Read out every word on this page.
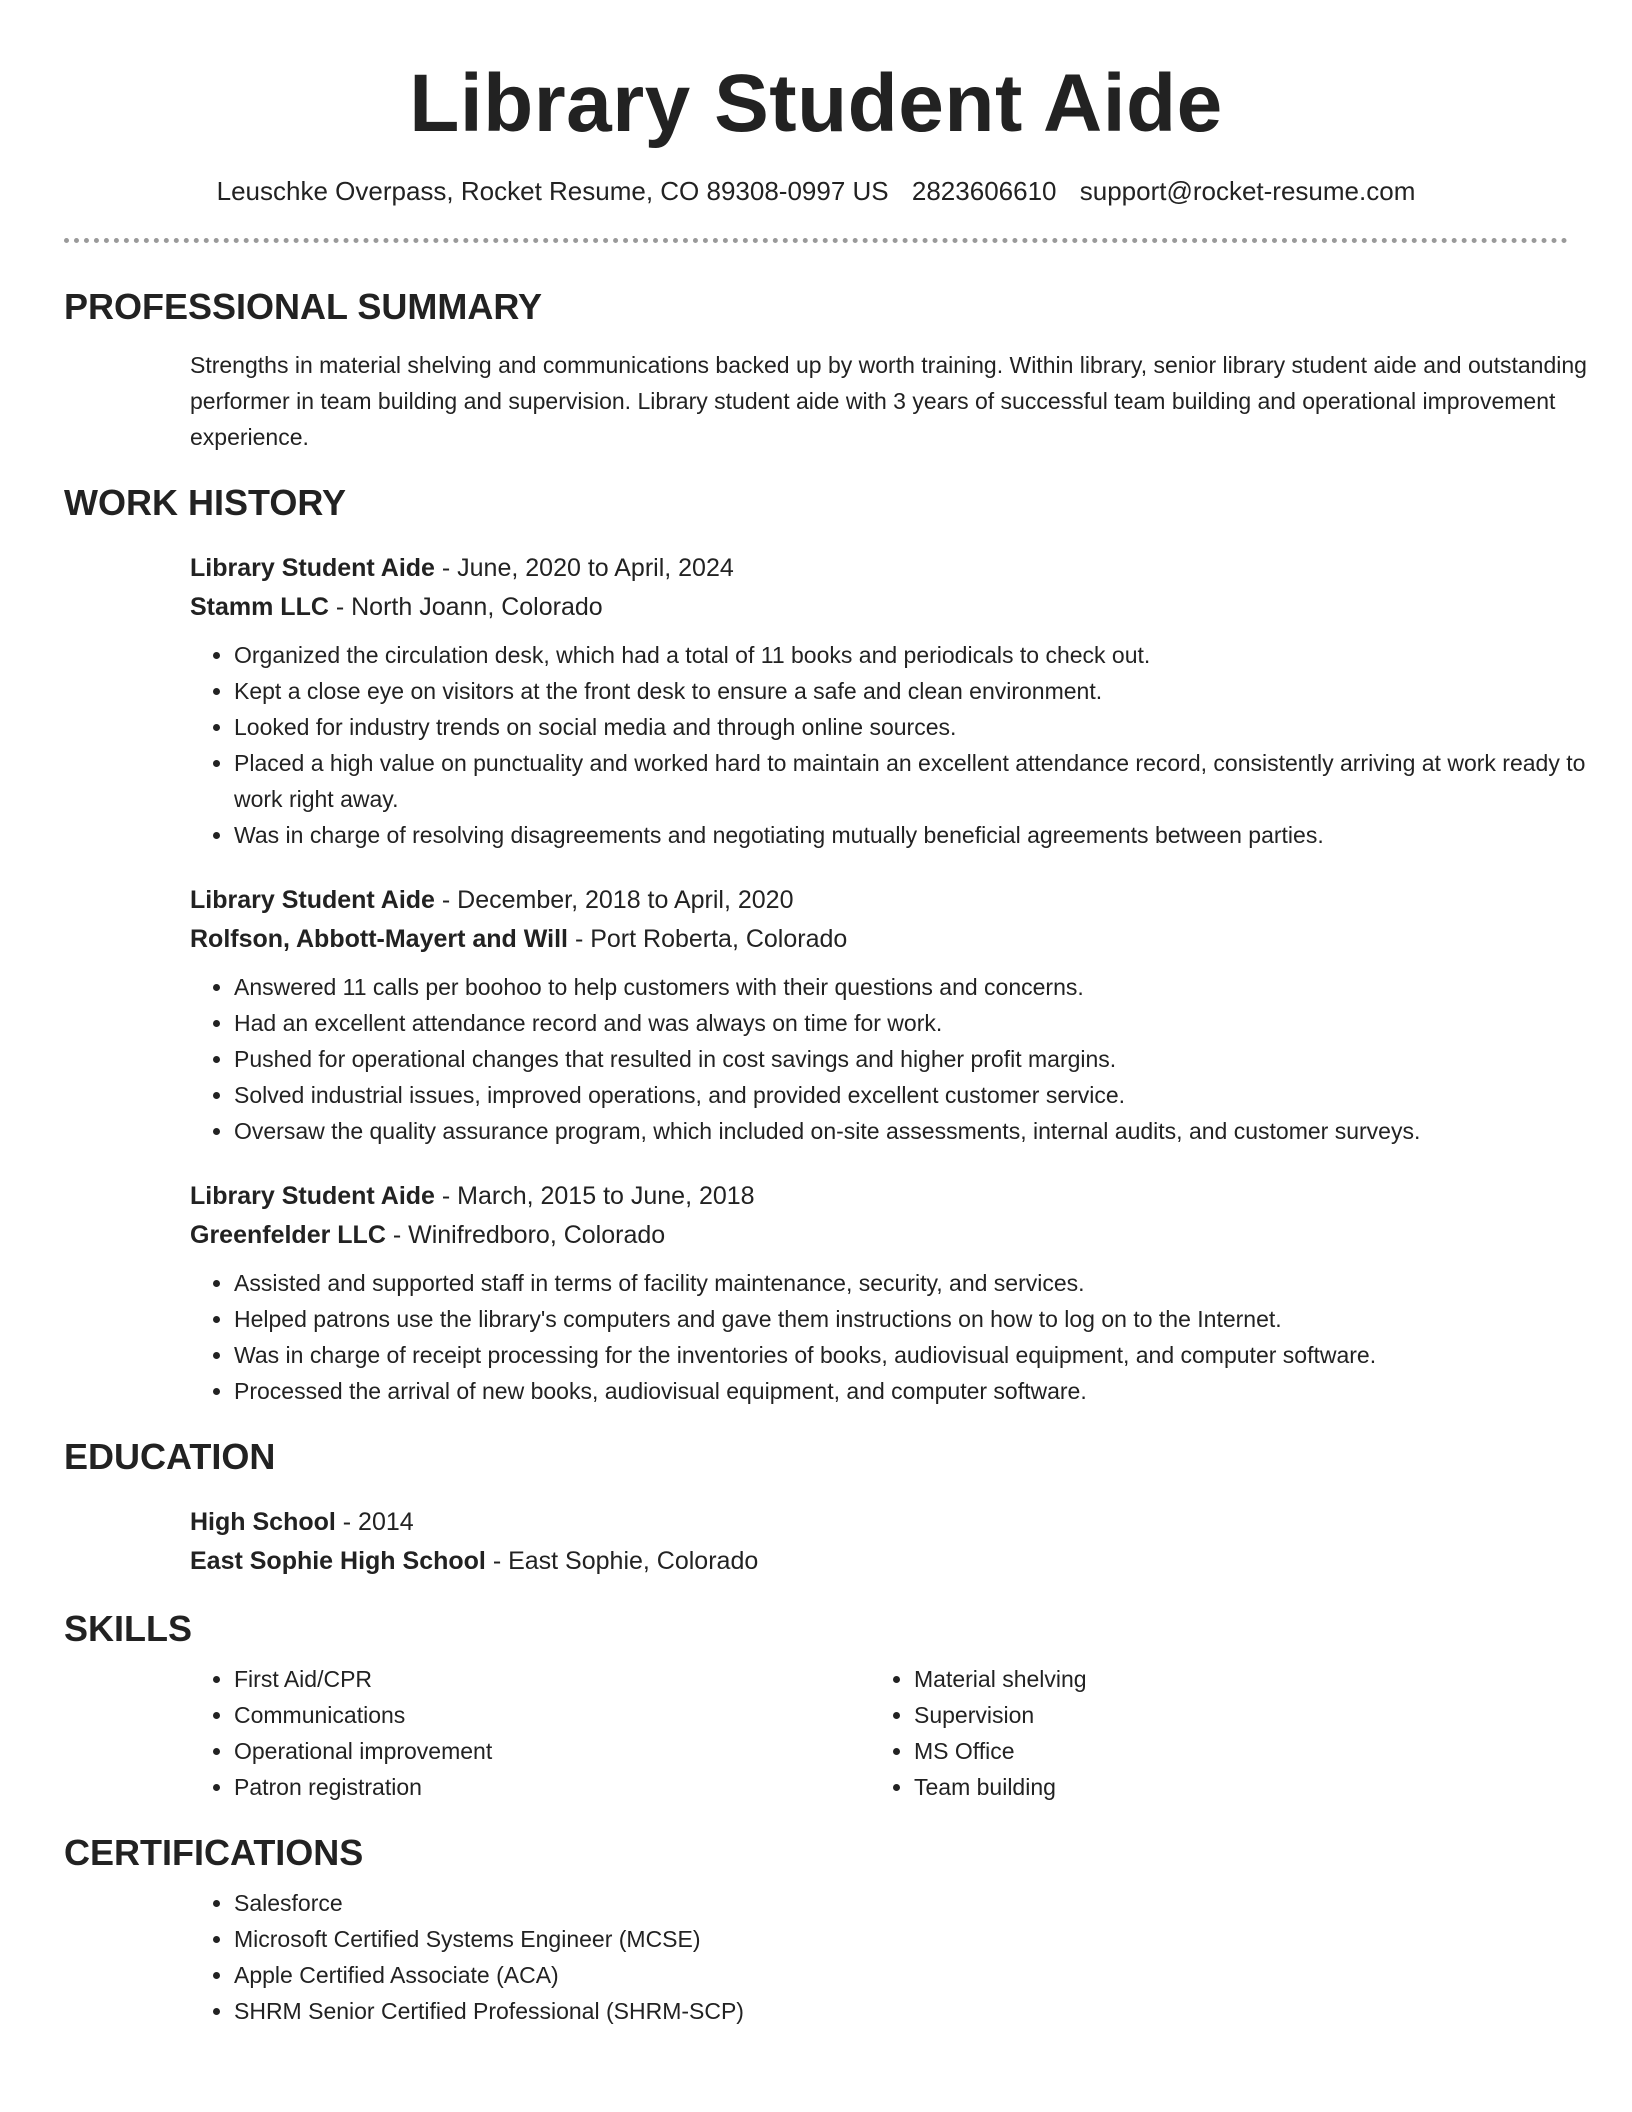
Library Student Aide
Leuschke Overpass, Rocket Resume, CO 89308-0997 US 2823606610 support@rocket-resume.com
PROFESSIONAL SUMMARY

Strengths in material shelving and communications backed up by worth training. Within library, senior library student aide and outstanding performer in team building and supervision. Library student aide with 3 years of successful team building and operational improvement experience.

WORK HISTORY
Library Student Aide - June, 2020 to April, 2024
Stamm LLC - North Joann, Colorado
• Organized the circulation desk, which had a total of 11 books and periodicals to check out.
• Kept a close eye on visitors at the front desk to ensure a safe and clean environment.
• Looked for industry trends on social media and through online sources.
• Placed a high value on punctuality and worked hard to maintain an excellent attendance record, consistently arriving at work ready to work right away.
• Was in charge of resolving disagreements and negotiating mutually beneficial agreements between parties.
Library Student Aide - December, 2018 to April, 2020
Rolfson, Abbott-Mayert and Will - Port Roberta, Colorado
• Answered 11 calls per boohoo to help customers with their questions and concerns.
• Had an excellent attendance record and was always on time for work.
• Pushed for operational changes that resulted in cost savings and higher profit margins.
• Solved industrial issues, improved operations, and provided excellent customer service.
• Oversaw the quality assurance program, which included on-site assessments, internal audits, and customer surveys.
Library Student Aide - March, 2015 to June, 2018
Greenfelder LLC - Winifredboro, Colorado
• Assisted and supported staff in terms of facility maintenance, security, and services.
• Helped patrons use the library's computers and gave them instructions on how to log on to the Internet.
• Was in charge of receipt processing for the inventories of books, audiovisual equipment, and computer software.
• Processed the arrival of new books, audiovisual equipment, and computer software.
EDUCATION
High School - 2014
East Sophie High School - East Sophie, Colorado
SKILLS
• First Aid/CPR
• Communications
• Operational improvement
• Patron registration
• Material shelving
• Supervision
• MS Office
• Team building
CERTIFICATIONS
• Salesforce
• Microsoft Certified Systems Engineer (MCSE)
• Apple Certified Associate (ACA)
• SHRM Senior Certified Professional (SHRM-SCP)
